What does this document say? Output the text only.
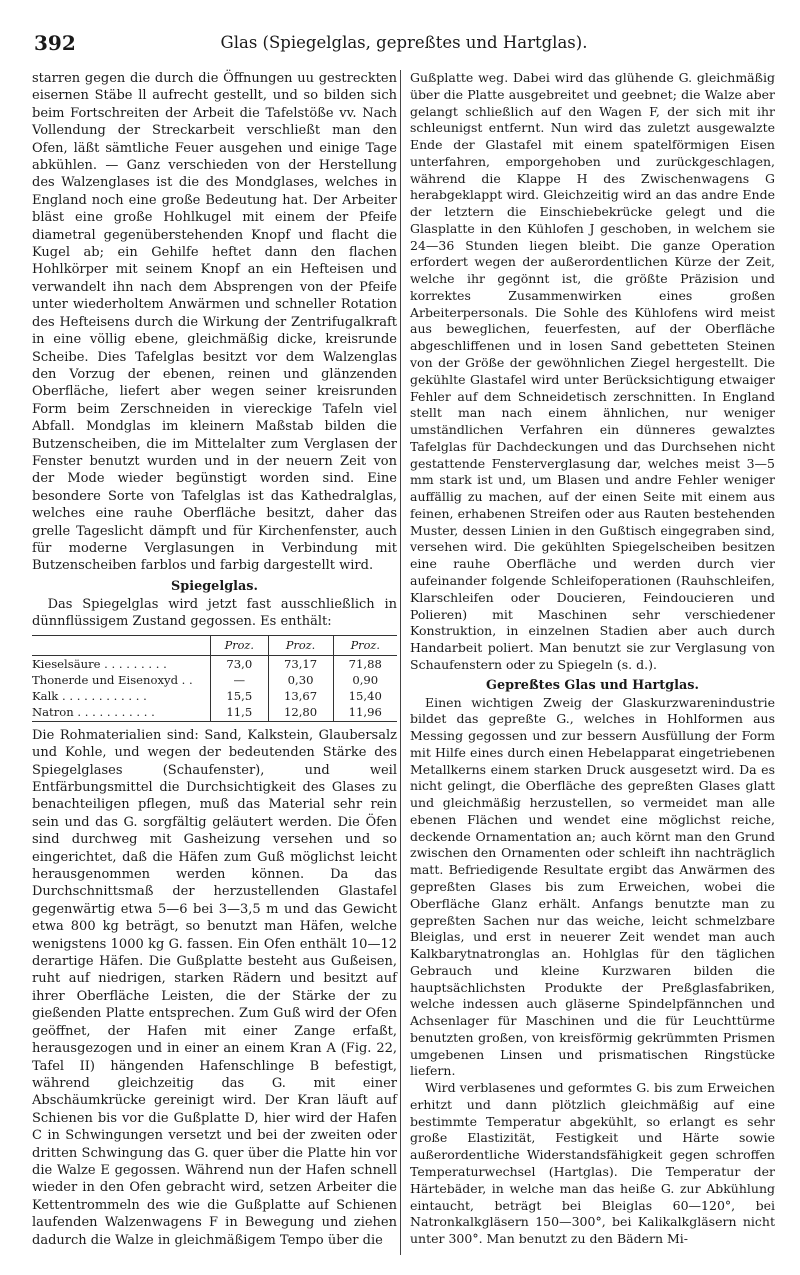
392	Glas (Spiegelglas, gepreßtes und Hartglas).

starren gegen die durch die Öffnungen uu gestreckten eisernen Stäbe ll aufrecht gestellt, und so bilden sich beim Fortschreiten der Arbeit die Tafelstöße vv. Nach Vollendung der Streckarbeit verschließt man den Ofen, läßt sämtliche Feuer ausgehen und einige Tage abkühlen. — Ganz verschieden von der Herstellung des Walzenglases ist die des Mondglases, welches in England noch eine große Bedeutung hat. Der Arbeiter bläst eine große Hohlkugel mit einem der Pfeife diametral gegenüberstehenden Knopf und flacht die Kugel ab; ein Gehilfe heftet dann den flachen Hohlkörper mit seinem Knopf an ein Hefteisen und verwandelt ihn nach dem Absprengen von der Pfeife unter wiederholtem Anwärmen und schneller Rotation des Hefteisens durch die Wirkung der Zentrifugalkraft in eine völlig ebene, gleichmäßig dicke, kreisrunde Scheibe. Dies Tafelglas besitzt vor dem Walzenglas den Vorzug der ebenen, reinen und glänzenden Oberfläche, liefert aber wegen seiner kreisrunden Form beim Zerschneiden in viereckige Tafeln viel Abfall. Mondglas im kleinern Maßstab bilden die Butzenscheiben, die im Mittelalter zum Verglasen der Fenster benutzt wurden und in der neuern Zeit von der Mode wieder begünstigt worden sind. Eine besondere Sorte von Tafelglas ist das Kathedralglas, welches eine rauhe Oberfläche besitzt, daher das grelle Tageslicht dämpft und für Kirchenfenster, auch für moderne Verglasungen in Verbindung mit Butzenscheiben farblos und farbig dargestellt wird.

Spiegelglas.

Das Spiegelglas wird jetzt fast ausschließlich in dünnflüssigem Zustand gegossen. Es enthält:

	Proz.	Proz.	Proz.
Kieselsäure . . . . . . . . .	73,0	73,17	71,88
Thonerde und Eisenoxyd . .	—	0,30	0,90
Kalk . . . . . . . . . . . .	15,5	13,67	15,40
Natron . . . . . . . . . . .	11,5	12,80	11,96

Die Rohmaterialien sind: Sand, Kalkstein, Glaubersalz und Kohle, und wegen der bedeutenden Stärke des Spiegelglases (Schaufenster), und weil Entfärbungsmittel die Durchsichtigkeit des Glases zu benachteiligen pflegen, muß das Material sehr rein sein und das G. sorgfältig geläutert werden. Die Öfen sind durchweg mit Gasheizung versehen und so eingerichtet, daß die Häfen zum Guß möglichst leicht herausgenommen werden können. Da das Durchschnittsmaß der herzustellenden Glastafel gegenwärtig etwa 5—6 bei 3—3,5 m und das Gewicht etwa 800 kg beträgt, so benutzt man Häfen, welche wenigstens 1000 kg G. fassen. Ein Ofen enthält 10—12 derartige Häfen. Die Gußplatte besteht aus Gußeisen, ruht auf niedrigen, starken Rädern und besitzt auf ihrer Oberfläche Leisten, die der Stärke der zu gießenden Platte entsprechen. Zum Guß wird der Ofen geöffnet, der Hafen mit einer Zange erfaßt, herausgezogen und in einer an einem Kran A (Fig. 22, Tafel II) hängenden Hafenschlinge B befestigt, während gleichzeitig das G. mit einer Abschäumkrücke gereinigt wird. Der Kran läuft auf Schienen bis vor die Gußplatte D, hier wird der Hafen C in Schwingungen versetzt und bei der zweiten oder dritten Schwingung das G. quer über die Platte hin vor die Walze E gegossen. Während nun der Hafen schnell wieder in den Ofen gebracht wird, setzen Arbeiter die Kettentrommeln des wie die Gußplatte auf Schienen laufenden Walzenwagens F in Bewegung und ziehen dadurch die Walze in gleichmäßigem Tempo über die

Gußplatte weg. Dabei wird das glühende G. gleichmäßig über die Platte ausgebreitet und geebnet; die Walze aber gelangt schließlich auf den Wagen F, der sich mit ihr schleunigst entfernt. Nun wird das zuletzt ausgewalzte Ende der Glastafel mit einem spatelförmigen Eisen unterfahren, emporgehoben und zurückgeschlagen, während die Klappe H des Zwischenwagens G herabgeklappt wird. Gleichzeitig wird an das andre Ende der letztern die Einschiebekrücke gelegt und die Glasplatte in den Kühlofen J geschoben, in welchem sie 24—36 Stunden liegen bleibt. Die ganze Operation erfordert wegen der außerordentlichen Kürze der Zeit, welche ihr gegönnt ist, die größte Präzision und korrektes Zusammenwirken eines großen Arbeiterpersonals. Die Sohle des Kühlofens wird meist aus beweglichen, feuerfesten, auf der Oberfläche abgeschliffenen und in losen Sand gebetteten Steinen von der Größe der gewöhnlichen Ziegel hergestellt. Die gekühlte Glastafel wird unter Berücksichtigung etwaiger Fehler auf dem Schneidetisch zerschnitten. In England stellt man nach einem ähnlichen, nur weniger umständlichen Verfahren ein dünneres gewalztes Tafelglas für Dachdeckungen und das Durchsehen nicht gestattende Fensterverglasung dar, welches meist 3—5 mm stark ist und, um Blasen und andre Fehler weniger auffällig zu machen, auf der einen Seite mit einem aus feinen, erhabenen Streifen oder aus Rauten bestehenden Muster, dessen Linien in den Gußtisch eingegraben sind, versehen wird. Die gekühlten Spiegelscheiben besitzen eine rauhe Oberfläche und werden durch vier aufeinander folgende Schleifoperationen (Rauhschleifen, Klarschleifen oder Doucieren, Feindoucieren und Polieren) mit Maschinen sehr verschiedener Konstruktion, in einzelnen Stadien aber auch durch Handarbeit poliert. Man benutzt sie zur Verglasung von Schaufenstern oder zu Spiegeln (s. d.).

Gepreßtes Glas und Hartglas.

Einen wichtigen Zweig der Glaskurzwarenindustrie bildet das gepreßte G., welches in Hohlformen aus Messing gegossen und zur bessern Ausfüllung der Form mit Hilfe eines durch einen Hebelapparat eingetriebenen Metallkerns einem starken Druck ausgesetzt wird. Da es nicht gelingt, die Oberfläche des gepreßten Glases glatt und gleichmäßig herzustellen, so vermeidet man alle ebenen Flächen und wendet eine möglichst reiche, deckende Ornamentation an; auch körnt man den Grund zwischen den Ornamenten oder schleift ihn nachträglich matt. Befriedigende Resultate ergibt das Anwärmen des gepreßten Glases bis zum Erweichen, wobei die Oberfläche Glanz erhält. Anfangs benutzte man zu gepreßten Sachen nur das weiche, leicht schmelzbare Bleiglas, und erst in neuerer Zeit wendet man auch Kalkbarytnatronglas an. Hohlglas für den täglichen Gebrauch und kleine Kurzwaren bilden die hauptsächlichsten Produkte der Preßglasfabriken, welche indessen auch gläserne Spindelpfännchen und Achsenlager für Maschinen und die für Leuchttürme benutzten großen, von kreisförmig gekrümmten Prismen umgebenen Linsen und prismatischen Ringstücke liefern.

Wird verblasenes und geformtes G. bis zum Erweichen erhitzt und dann plötzlich gleichmäßig auf eine bestimmte Temperatur abgekühlt, so erlangt es sehr große Elastizität, Festigkeit und Härte sowie außerordentliche Widerstandsfähigkeit gegen schroffen Temperaturwechsel (Hartglas). Die Temperatur der Härtebäder, in welche man das heiße G. zur Abkühlung eintaucht, beträgt bei Bleiglas 60—120°, bei Natronkalkgläsern 150—300°, bei Kalikalkgläsern nicht unter 300°. Man benutzt zu den Bädern Mi-
